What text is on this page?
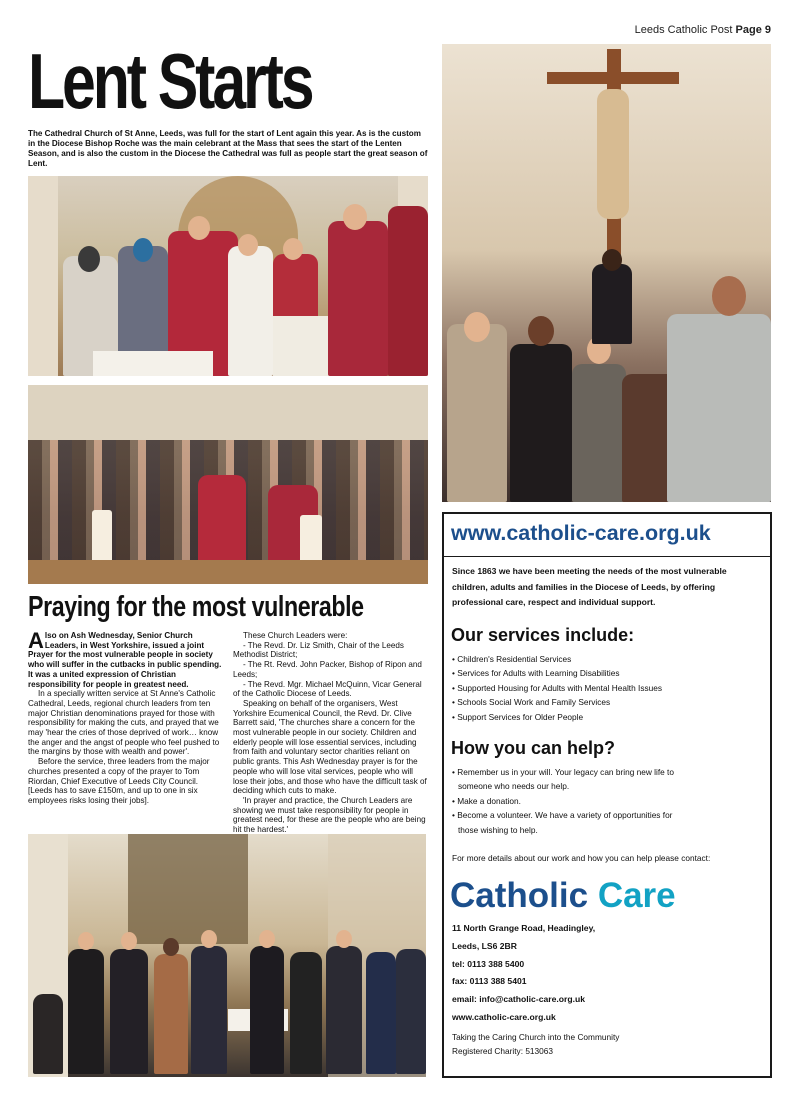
Leeds Catholic Post Page 9
Lent Starts
The Cathedral Church of St Anne, Leeds, was full for the start of Lent again this year. As is the custom in the Diocese Bishop Roche was the main celebrant at the Mass that sees the start of the Lenten Season, and is also the custom in the Diocese the Cathedral was full as people start the great season of Lent.
Praying for the most vulnerable

Also on Ash Wednesday, Senior Church Leaders, in West Yorkshire, issued a joint Prayer for the most vulnerable people in society who will suffer in the cutbacks in public spending. It was a united expression of Christian responsibility for people in greatest need.

In a specially written service at St Anne's Catholic Cathedral, Leeds, regional church leaders from ten major Christian denominations prayed for those with responsibility for making the cuts, and prayed that we may 'hear the cries of those deprived of work… know the anger and the angst of people who feel pushed to the margins by those with wealth and power'.

Before the service, three leaders from the major churches presented a copy of the prayer to Tom Riordan, Chief Executive of Leeds City Council. [Leeds has to save £150m, and up to one in six employees risks losing their jobs].

These Church Leaders were:

- The Revd. Dr. Liz Smith, Chair of the Leeds Methodist District;

- The Rt. Revd. John Packer, Bishop of Ripon and Leeds;

- The Revd. Mgr. Michael McQuinn, Vicar General of the Catholic Diocese of Leeds.

Speaking on behalf of the organisers, West Yorkshire Ecumenical Council, the Revd. Dr. Clive Barrett said, 'The churches share a concern for the most vulnerable people in our society. Children and elderly people will lose essential services, including from faith and voluntary sector charities reliant on public grants. This Ash Wednesday prayer is for the people who will lose vital services, people who will lose their jobs, and those who have the difficult task of deciding which cuts to make.

'In prayer and practice, the Church Leaders are showing we must take responsibility for people in greatest need, for these are the people who are being hit the hardest.'

www.catholic-care.org.uk
Since 1863 we have been meeting the needs of the most vulnerable children, adults and families in the Diocese of Leeds, by offering professional care, respect and individual support.
Our services include:
• Children's Residential Services
• Services for Adults with Learning Disabilities
• Supported Housing for Adults with Mental Health Issues
• Schools Social Work and Family Services
• Support Services for Older People
How you can help?
• Remember us in your will. Your legacy can bring new life to
someone who needs our help.
• Make a donation.
• Become a volunteer. We have a variety of opportunities for
those wishing to help.
For more details about our work and how you can help please contact:
Catholic Care
11 North Grange Road, Headingley,
Leeds, LS6 2BR
tel: 0113 388 5400
fax: 0113 388 5401
email: info@catholic-care.org.uk
www.catholic-care.org.uk
Taking the Caring Church into the Community
Registered Charity: 513063
